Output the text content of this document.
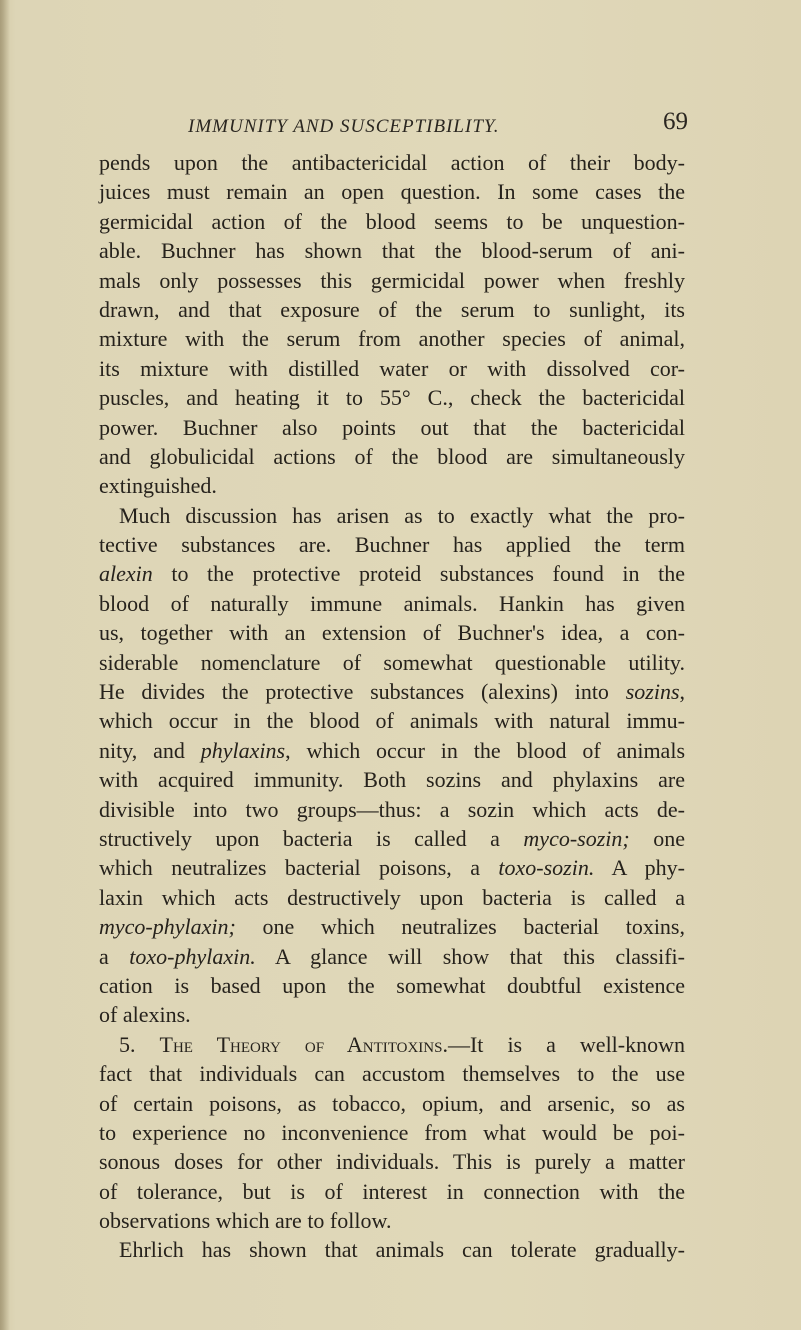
IMMUNITY AND SUSCEPTIBILITY.	69
pends upon the antibactericidal action of their body-
juices must remain an open question. In some cases the
germicidal action of the blood seems to be unquestion-
able. Buchner has shown that the blood-serum of ani-
mals only possesses this germicidal power when freshly
drawn, and that exposure of the serum to sunlight, its
mixture with the serum from another species of animal,
its mixture with distilled water or with dissolved cor-
puscles, and heating it to 55° C., check the bactericidal
power. Buchner also points out that the bactericidal
and globulicidal actions of the blood are simultaneously
extinguished.
Much discussion has arisen as to exactly what the pro-
tective substances are. Buchner has applied the term
alexin to the protective proteid substances found in the
blood of naturally immune animals. Hankin has given
us, together with an extension of Buchner's idea, a con-
siderable nomenclature of somewhat questionable utility.
He divides the protective substances (alexins) into sozins,
which occur in the blood of animals with natural immu-
nity, and phylaxins, which occur in the blood of animals
with acquired immunity. Both sozins and phylaxins are
divisible into two groups—thus: a sozin which acts de-
structively upon bacteria is called a myco-sozin; one
which neutralizes bacterial poisons, a toxo-sozin. A phy-
laxin which acts destructively upon bacteria is called a
myco-phylaxin; one which neutralizes bacterial toxins,
a toxo-phylaxin. A glance will show that this classifi-
cation is based upon the somewhat doubtful existence
of alexins.
5. The Theory of Antitoxins.—It is a well-known
fact that individuals can accustom themselves to the use
of certain poisons, as tobacco, opium, and arsenic, so as
to experience no inconvenience from what would be poi-
sonous doses for other individuals. This is purely a matter
of tolerance, but is of interest in connection with the
observations which are to follow.
Ehrlich has shown that animals can tolerate gradually-
